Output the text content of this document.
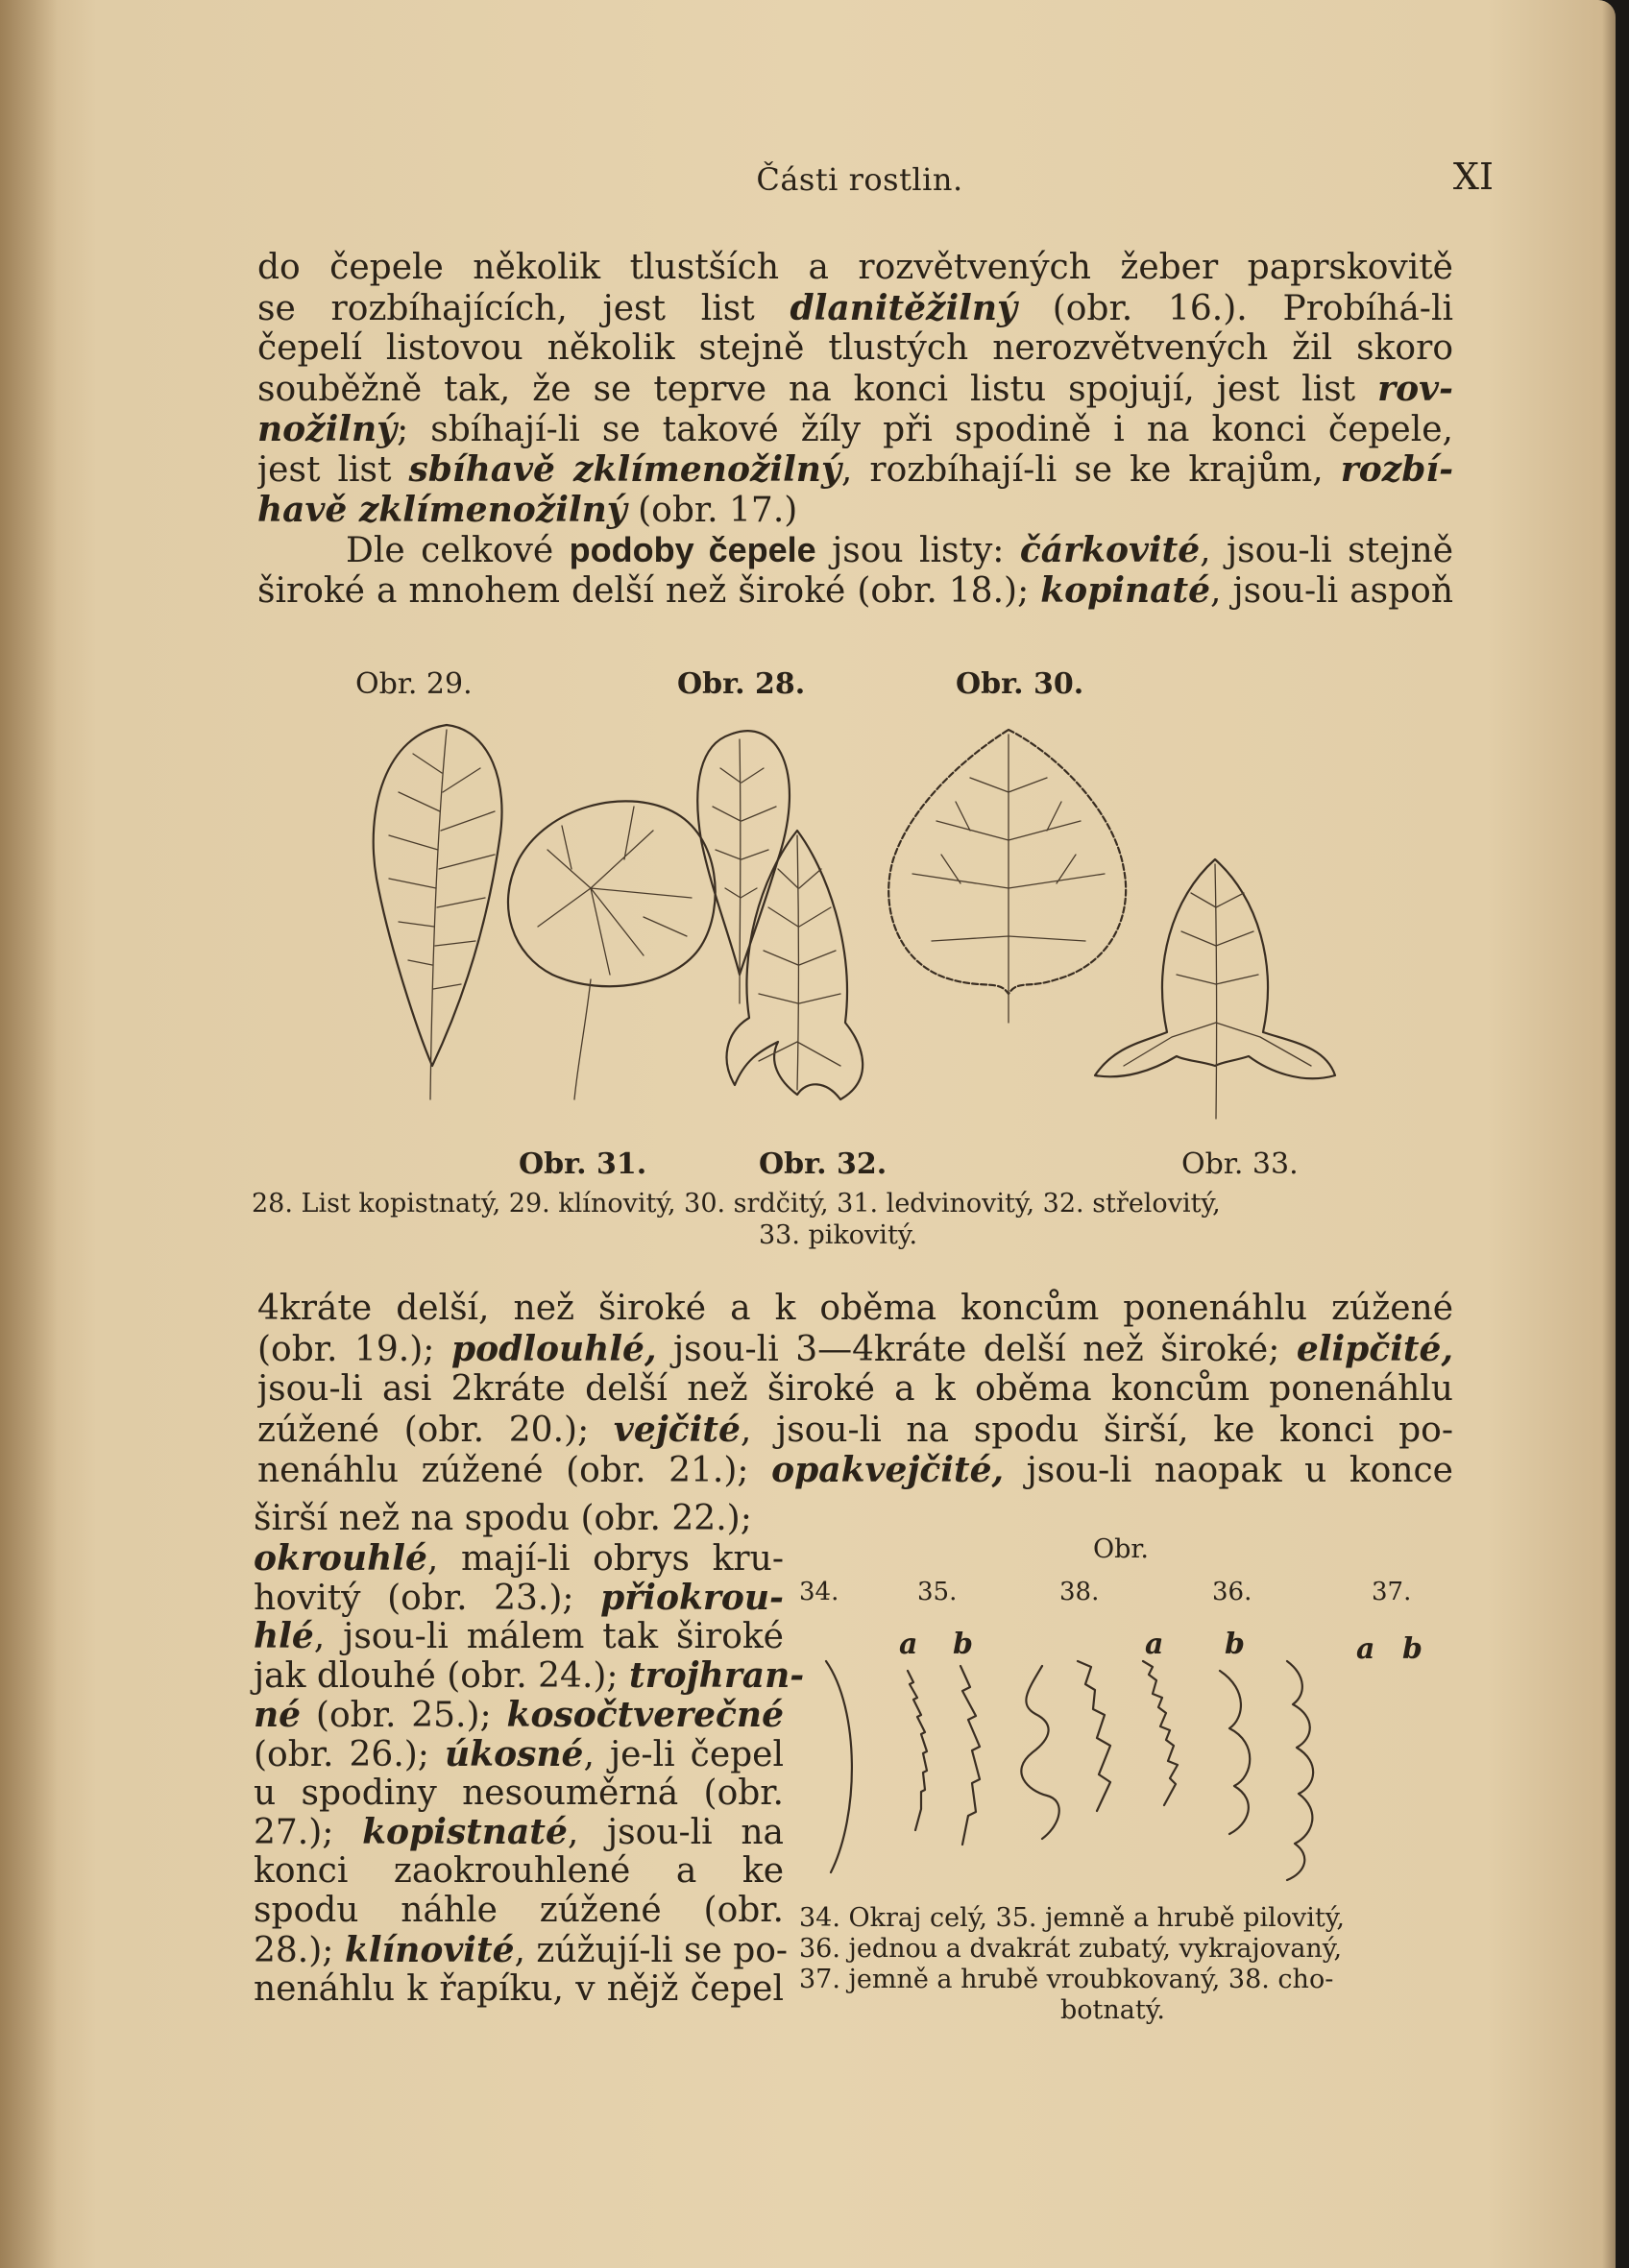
Části rostlin.	XI
do čepele několik tlustších a rozvětvených žeber paprskovitě
se rozbíhajících, jest list dlanitěžilný (obr. 16.). Probíhá-li
čepelí listovou několik stejně tlustých nerozvětvených žil skoro
souběžně tak, že se teprve na konci listu spojují, jest list rov-
nožilný; sbíhají-li se takové žíly při spodině i na konci čepele,
jest list sbíhavě zklímenožilný, rozbíhají-li se ke krajům, rozbí-
havě zklímenožilný (obr. 17.)
Dle celkové podoby čepele jsou listy: čárkovité, jsou-li stejně
široké a mnohem delší než široké (obr. 18.); kopinaté, jsou-li aspoň
Obr. 29.	Obr. 28.	Obr. 30.
Obr. 31.	Obr. 32.	Obr. 33.
28. List kopistnatý, 29. klínovitý, 30. srdčitý, 31. ledvinovitý, 32. střelovitý,
33. pikovitý.
4kráte delší, než široké a k oběma koncům ponenáhlu zúžené
(obr. 19.); podlouhlé, jsou-li 3—4kráte delší než široké; elipčité,
jsou-li asi 2kráte delší než široké a k oběma koncům ponenáhlu
zúžené (obr. 20.); vejčité, jsou-li na spodu širší, ke konci po-
nenáhlu zúžené (obr. 21.); opakvejčité, jsou-li naopak u konce
širší než na spodu (obr. 22.);
okrouhlé, mají-li obrys kru-
hovitý (obr. 23.); přiokrou-
hlé, jsou-li málem tak široké
jak dlouhé (obr. 24.); trojhran-
né (obr. 25.); kosočtverečné
(obr. 26.); úkosné, je-li čepel
u spodiny nesouměrná (obr.
27.); kopistnaté, jsou-li na
konci zaokrouhlené a ke
spodu náhle zúžené (obr.
28.); klínovité, zúžují-li se po-
nenáhlu k řapíku, v nějž čepel
Obr.
34.	35.	38.	36.	37.
a b	a b	a b
34. Okraj celý, 35. jemně a hrubě pilovitý,
36. jednou a dvakrát zubatý, vykrajovaný,
37. jemně a hrubě vroubkovaný, 38. cho-
botnatý.
